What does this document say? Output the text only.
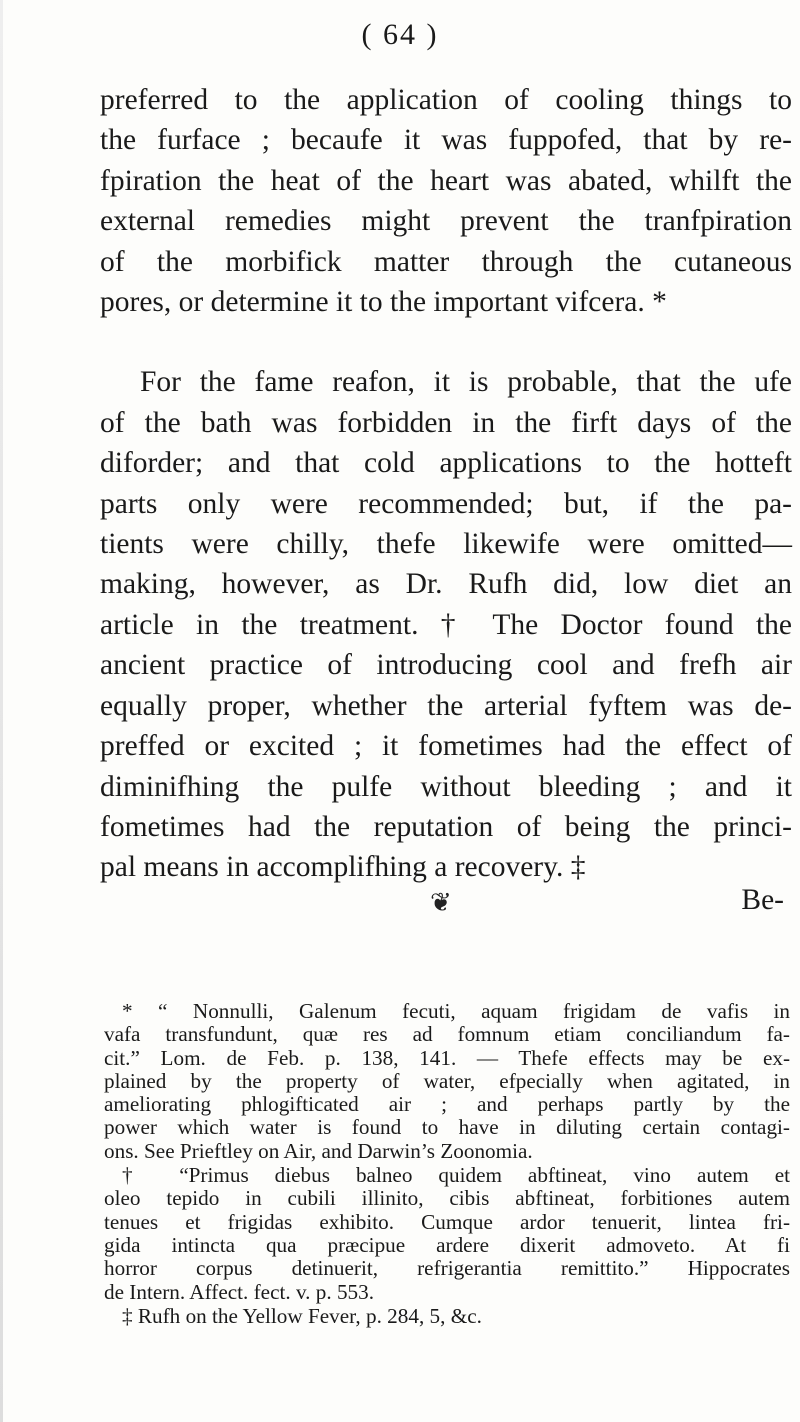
( 64 )
preferred to the application of cooling things to
the furface ; becaufe it was fuppofed, that by re-
fpiration the heat of the heart was abated, whilft the
external remedies might prevent the tranfpiration
of the morbifick matter through the cutaneous
pores, or determine it to the important vifcera. *
For the fame reafon, it is probable, that the ufe
of the bath was forbidden in the firft days of the
diforder; and that cold applications to the hotteft
parts only were recommended; but, if the pa-
tients were chilly, thefe likewife were omitted—
making, however, as Dr. Rufh did, low diet an
article in the treatment. † The Doctor found the
ancient practice of introducing cool and frefh air
equally proper, whether the arterial fyftem was de-
preffed or excited ; it fometimes had the effect of
diminifhing the pulfe without bleeding ; and it
fometimes had the reputation of being the princi-
pal means in accomplifhing a recovery. ‡
❦	Be-
* “ Nonnulli, Galenum fecuti, aquam frigidam de vafis in
vafa transfundunt, quæ res ad fomnum etiam conciliandum fa-
cit.” Lom. de Feb. p. 138, 141. — Thefe effects may be ex-
plained by the property of water, efpecially when agitated, in
ameliorating phlogifticated air ; and perhaps partly by the
power which water is found to have in diluting certain contagi-
ons. See Prieftley on Air, and Darwin’s Zoonomia.
† “Primus diebus balneo quidem abftineat, vino autem et
oleo tepido in cubili illinito, cibis abftineat, forbitiones autem
tenues et frigidas exhibito. Cumque ardor tenuerit, lintea fri-
gida intincta qua præcipue ardere dixerit admoveto. At fi
horror corpus detinuerit, refrigerantia remittito.” Hippocrates
de Intern. Affect. fect. v. p. 553.
‡ Rufh on the Yellow Fever, p. 284, 5, &c.
